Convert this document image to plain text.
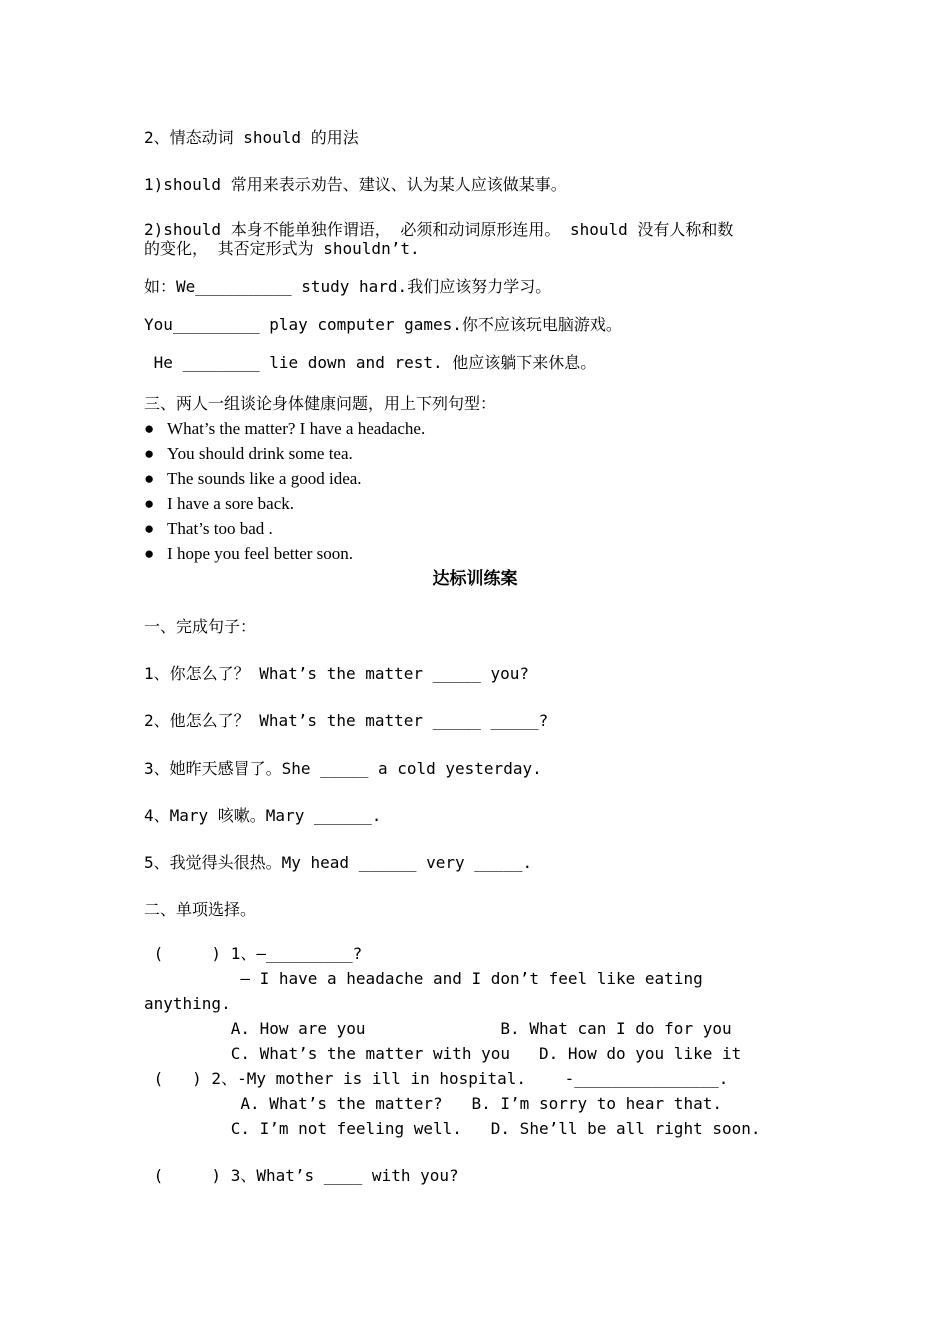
2、情态动词 should 的用法
1)should 常用来表示劝告、建议、认为某人应该做某事。
2)should 本身不能单独作谓语， 必须和动词原形连用。 should 没有人称和数
的变化， 其否定形式为 shouldn’t.
如：We__________ study hard.我们应该努力学习。
You_________ play computer games.你不应该玩电脑游戏。
He ________ lie down and rest. 他应该躺下来休息。
三、两人一组谈论身体健康问题，用上下列句型：
● What’s the matter? I have a headache.
● You should drink some tea.
● The sounds like a good idea.
● I have a sore back.
● That’s too bad .
● I hope you feel better soon.
达标训练案
一、完成句子：
1、你怎么了？ What’s the matter _____ you?
2、他怎么了？ What’s the matter _____ _____?
3、她昨天感冒了。She _____ a cold yesterday.
4、Mary 咳嗽。Mary ______.
5、我觉得头很热。My head ______ very _____.
二、单项选择。
(     ) 1、—_________?
— I have a headache and I don’t feel like eating
anything.
A. How are you              B. What can I do for you
C. What’s the matter with you   D. How do you like it
(   ) 2、-My mother is ill in hospital.    -_______________.
A. What’s the matter?   B. I’m sorry to hear that.
C. I’m not feeling well.   D. She’ll be all right soon.
(     ) 3、What’s ____ with you?
